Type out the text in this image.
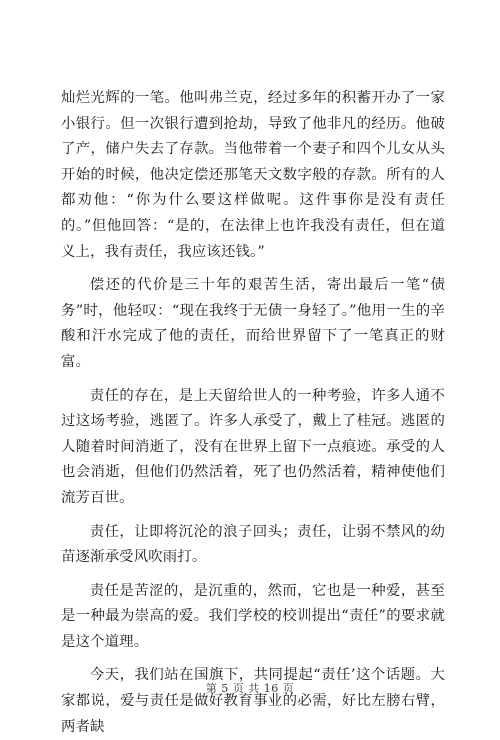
灿烂光辉的一笔。他叫弗兰克，经过多年的积蓄开办了一家小银行。但一次银行遭到抢劫，导致了他非凡的经历。他破了产，储户失去了存款。当他带着一个妻子和四个儿女从头开始的时候，他决定偿还那笔天文数字般的存款。所有的人都劝他：“你为什么要这样做呢。这件事你是没有责任的。”但他回答：“是的，在法律上也许我没有责任，但在道义上，我有责任，我应该还钱。”

偿还的代价是三十年的艰苦生活，寄出最后一笔“债务”时，他轻叹：“现在我终于无债一身轻了。”他用一生的辛酸和汗水完成了他的责任，而给世界留下了一笔真正的财富。

责任的存在，是上天留给世人的一种考验，许多人通不过这场考验，逃匿了。许多人承受了，戴上了桂冠。逃匿的人随着时间消逝了，没有在世界上留下一点痕迹。承受的人也会消逝，但他们仍然活着，死了也仍然活着，精神使他们流芳百世。

责任，让即将沉沦的浪子回头；责任，让弱不禁风的幼苗逐渐承受风吹雨打。

责任是苦涩的，是沉重的，然而，它也是一种爱，甚至是一种最为崇高的爱。我们学校的校训提出“责任”的要求就是这个道理。

今天，我们站在国旗下，共同提起“责任’这个话题。大家都说，爱与责任是做好教育事业的必需，好比左膀右臂，两者缺

第 5 页 共 16 页
